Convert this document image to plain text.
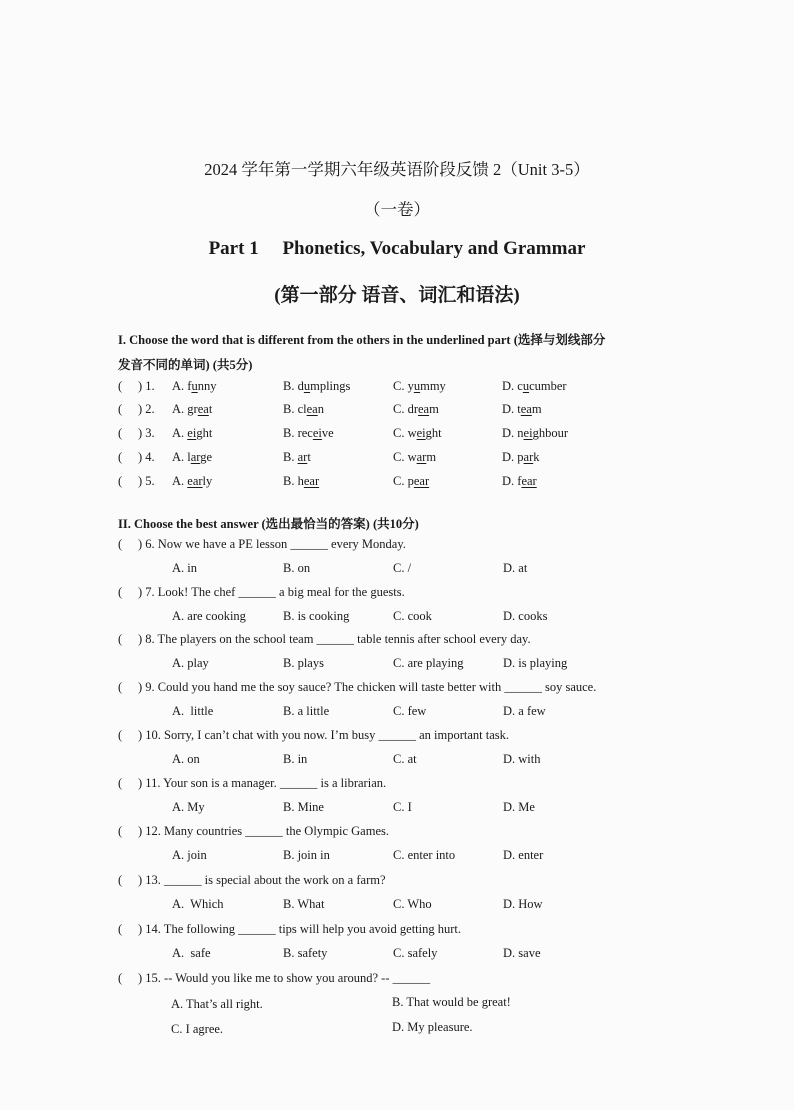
2024 学年第一学期六年级英语阶段反馈 2（Unit 3-5）
（一卷）
Part 1     Phonetics, Vocabulary and Grammar
(第一部分 语音、词汇和语法)
I. Choose the word that is different from the others in the underlined part (选择与划线部分
发音不同的单词) (共5分)
( ) 1. A. funny	B. dumplings	C. yummy	D. cucumber
( ) 2. A. great	B. clean	C. dream	D. team
( ) 3. A. eight	B. receive	C. weight	D. neighbour
( ) 4. A. large	B. art	C. warm	D. park
( ) 5. A. early	B. hear	C. pear	D. fear
II. Choose the best answer (选出最恰当的答案) (共10分)
( ) 6. Now we have a PE lesson ______ every Monday.
A. in	B. on	C. /	D. at
( ) 7. Look! The chef ______ a big meal for the guests.
A. are cooking	B. is cooking	C. cook	D. cooks
( ) 8. The players on the school team ______ table tennis after school every day.
A. play	B. plays	C. are playing	D. is playing
( ) 9. Could you hand me the soy sauce? The chicken will taste better with ______ soy sauce.
A.  little	B. a little	C. few	D. a few
( ) 10. Sorry, I can’t chat with you now. I’m busy ______ an important task.
A. on	B. in	C. at	D. with
( ) 11. Your son is a manager. ______ is a librarian.
A. My	B. Mine	C. I	D. Me
( ) 12. Many countries ______ the Olympic Games.
A. join	B. join in	C. enter into	D. enter
( ) 13. ______ is special about the work on a farm?
A.  Which	B. What	C. Who	D. How
( ) 14. The following ______ tips will help you avoid getting hurt.
A.  safe	B. safety	C. safely	D. save
( ) 15. -- Would you like me to show you around? -- ______
A. That’s all right.	B. That would be great!
C. I agree.	D. My pleasure.
